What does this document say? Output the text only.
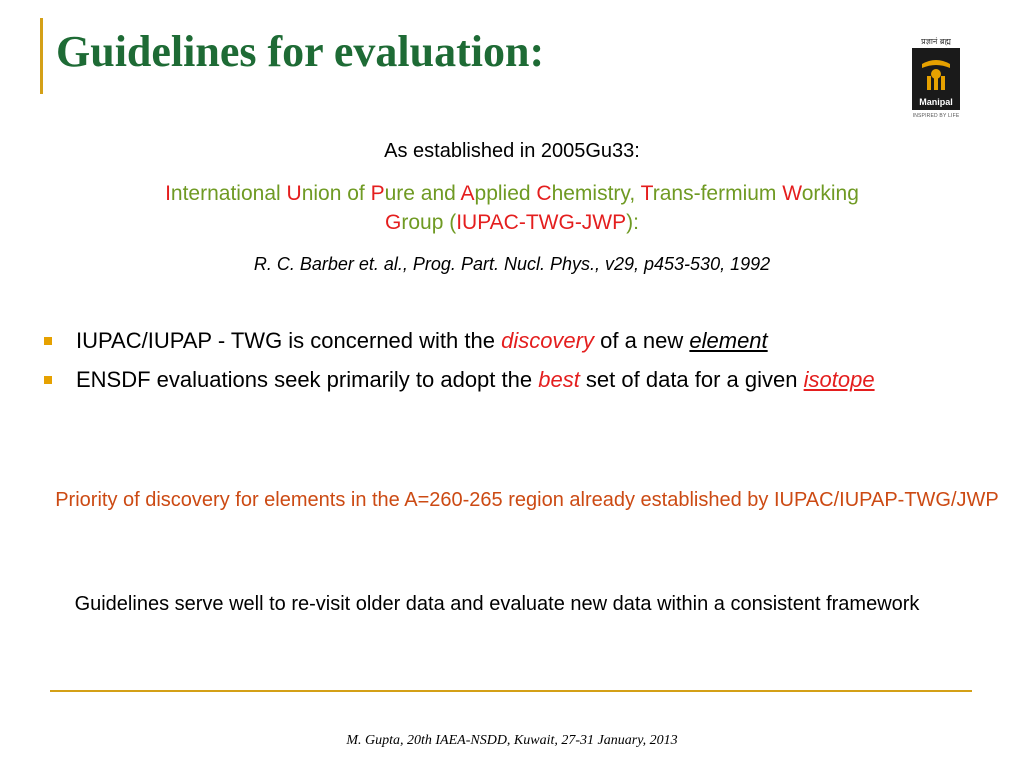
Guidelines for evaluation:	प्रज्ञानं ब्रह्म
Manipal
INSPIRED BY LIFE

As established in 2005Gu33:

International Union of Pure and Applied Chemistry, Trans-fermium Working
Group (IUPAC-TWG-JWP):

R. C. Barber et. al., Prog. Part. Nucl. Phys., v29, p453-530, 1992

IUPAC/IUPAP - TWG is concerned with the discovery of a new element
ENSDF evaluations seek primarily to adopt the best set of data for a given isotope

Priority of discovery for elements in the A=260-265 region already established by IUPAC/IUPAP-TWG/JWP

Guidelines serve well to re-visit older data and evaluate new data within a consistent framework

M. Gupta, 20th IAEA-NSDD, Kuwait, 27-31 January, 2013
